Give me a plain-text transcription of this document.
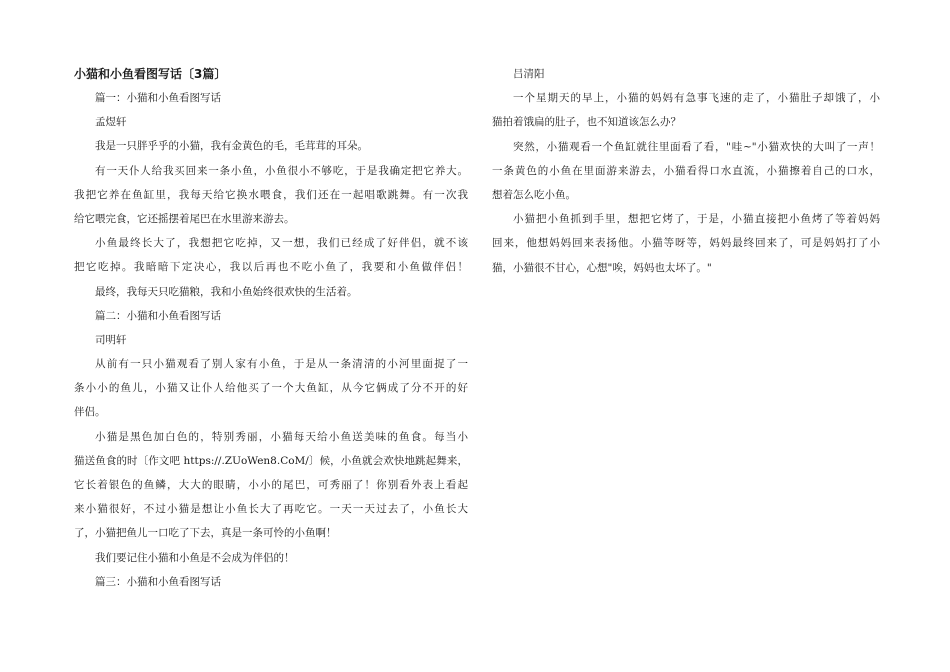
小猫和小鱼看图写话〔3篇〕
篇一：小猫和小鱼看图写话
孟煜轩
我是一只胖乎乎的小猫，我有金黄色的毛，毛茸茸的耳朵。
有一天仆人给我买回来一条小鱼，小鱼很小不够吃，于是我确定把它养大。
我把它养在鱼缸里，我每天给它换水喂食，我们还在一起唱歌跳舞。有一次我
给它喂完食，它还摇摆着尾巴在水里游来游去。
小鱼最终长大了，我想把它吃掉，又一想，我们已经成了好伴侣，就不该
把它吃掉。我暗暗下定决心，我以后再也不吃小鱼了，我要和小鱼做伴侣！
最终，我每天只吃猫粮，我和小鱼始终很欢快的生活着。
篇二：小猫和小鱼看图写话
司明轩
从前有一只小猫观看了别人家有小鱼，于是从一条清清的小河里面捉了一
条小小的鱼儿，小猫又让仆人给他买了一个大鱼缸，从今它俩成了分不开的好
伴侣。
小猫是黑色加白色的，特别秀丽，小猫每天给小鱼送美味的鱼食。每当小
猫送鱼食的时〔作文吧 https://.ZUoWen8.CoM/〕候，小鱼就会欢快地跳起舞来，
它长着银色的鱼鳞，大大的眼睛，小小的尾巴，可秀丽了！你别看外表上看起
来小猫很好，不过小猫是想让小鱼长大了再吃它。一天一天过去了，小鱼长大
了，小猫把鱼儿一口吃了下去，真是一条可怜的小鱼啊！
我们要记住小猫和小鱼是不会成为伴侣的！
篇三：小猫和小鱼看图写话
吕清阳
一个星期天的早上，小猫的妈妈有急事飞速的走了，小猫肚子却饿了，小
猫拍着饿扁的肚子，也不知道该怎么办？
突然，小猫观看一个鱼缸就往里面看了看，"哇~"小猫欢快的大叫了一声！
一条黄色的小鱼在里面游来游去，小猫看得口水直流，小猫擦着自己的口水，
想着怎么吃小鱼。
小猫把小鱼抓到手里，想把它烤了，于是，小猫直接把小鱼烤了等着妈妈
回来，他想妈妈回来表扬他。小猫等呀等，妈妈最终回来了，可是妈妈打了小
猫，小猫很不甘心，心想"唉，妈妈也太坏了。"
